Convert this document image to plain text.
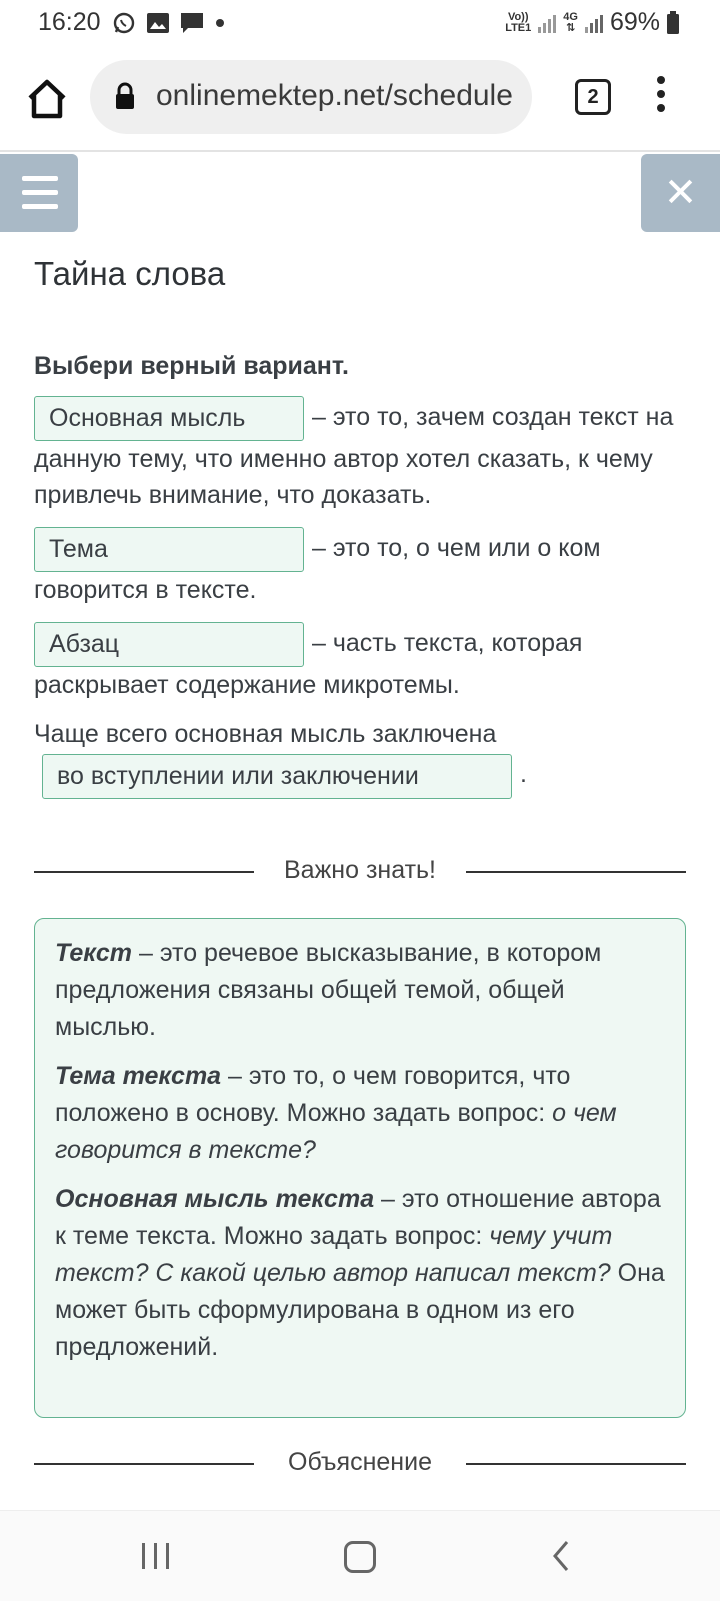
16:20	Vo))
LTE1
4G
⇅ 69%
onlinemektep.net/schedule	2
✕
Тайна слова
Выбери верный вариант.
Основная мысль	– это то, зачем создан текст на данную тему, что именно автор хотел сказать, к чему привлечь внимание, что доказать.
Тема	– это то, о чем или о ком говорится в тексте.
Абзац	– часть текста, которая раскрывает содержание микротемы.
Чаще всего основная мысль заключена
во вступлении или заключении	.
Важно знать!

Текст – это речевое высказывание, в котором предложения связаны общей темой, общей мыслью.

Тема текста – это то, о чем говорится, что положено в основу. Можно задать вопрос: о чем говорится в тексте?

Основная мысль текста – это отношение автора к теме текста. Можно задать вопрос: чему учит текст? С какой целью автор написал текст? Она может быть сформулирована в одном из его предложений.

Объяснение
